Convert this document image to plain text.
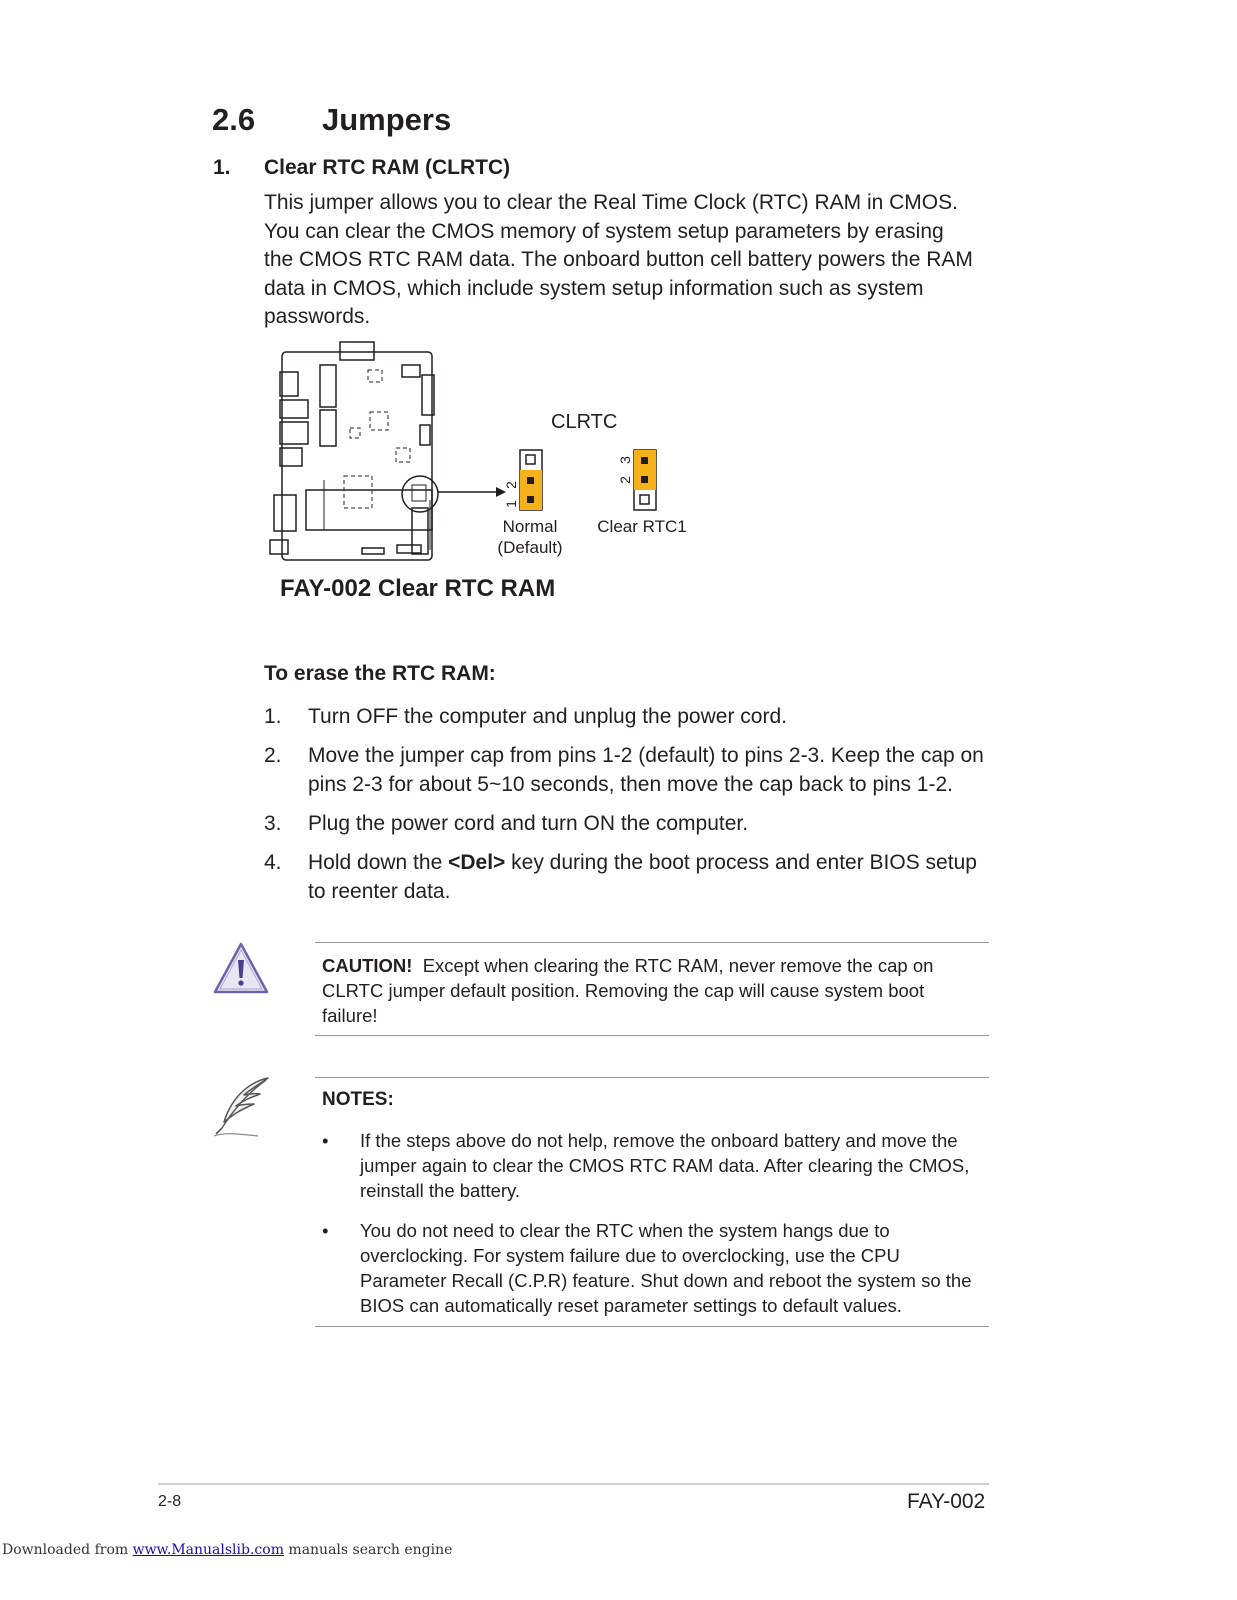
2.6 Jumpers
1. Clear RTC RAM (CLRTC)
This jumper allows you to clear the Real Time Clock (RTC) RAM in CMOS.
You can clear the CMOS memory of system setup parameters by erasing
the CMOS RTC RAM data. The onboard button cell battery powers the RAM
data in CMOS, which include system setup information such as system
passwords.
CLRTC
2
1
Normal
(Default)
3
2
Clear RTC1
FAY-002 Clear RTC RAM
To erase the RTC RAM:
1. Turn OFF the computer and unplug the power cord.
2. Move the jumper cap from pins 1-2 (default) to pins 2-3. Keep the cap on
pins 2-3 for about 5~10 seconds, then move the cap back to pins 1-2.
3. Plug the power cord and turn ON the computer.
4. Hold down the <Del> key during the boot process and enter BIOS setup
to reenter data.
CAUTION!  Except when clearing the RTC RAM, never remove the cap on
CLRTC jumper default position. Removing the cap will cause system boot
failure!
NOTES:
• If the steps above do not help, remove the onboard battery and move the
jumper again to clear the CMOS RTC RAM data. After clearing the CMOS,
reinstall the battery.
• You do not need to clear the RTC when the system hangs due to
overclocking. For system failure due to overclocking, use the CPU
Parameter Recall (C.P.R) feature. Shut down and reboot the system so the
BIOS can automatically reset parameter settings to default values.
2-8	FAY-002
Downloaded from www.Manualslib.com manuals search engine
